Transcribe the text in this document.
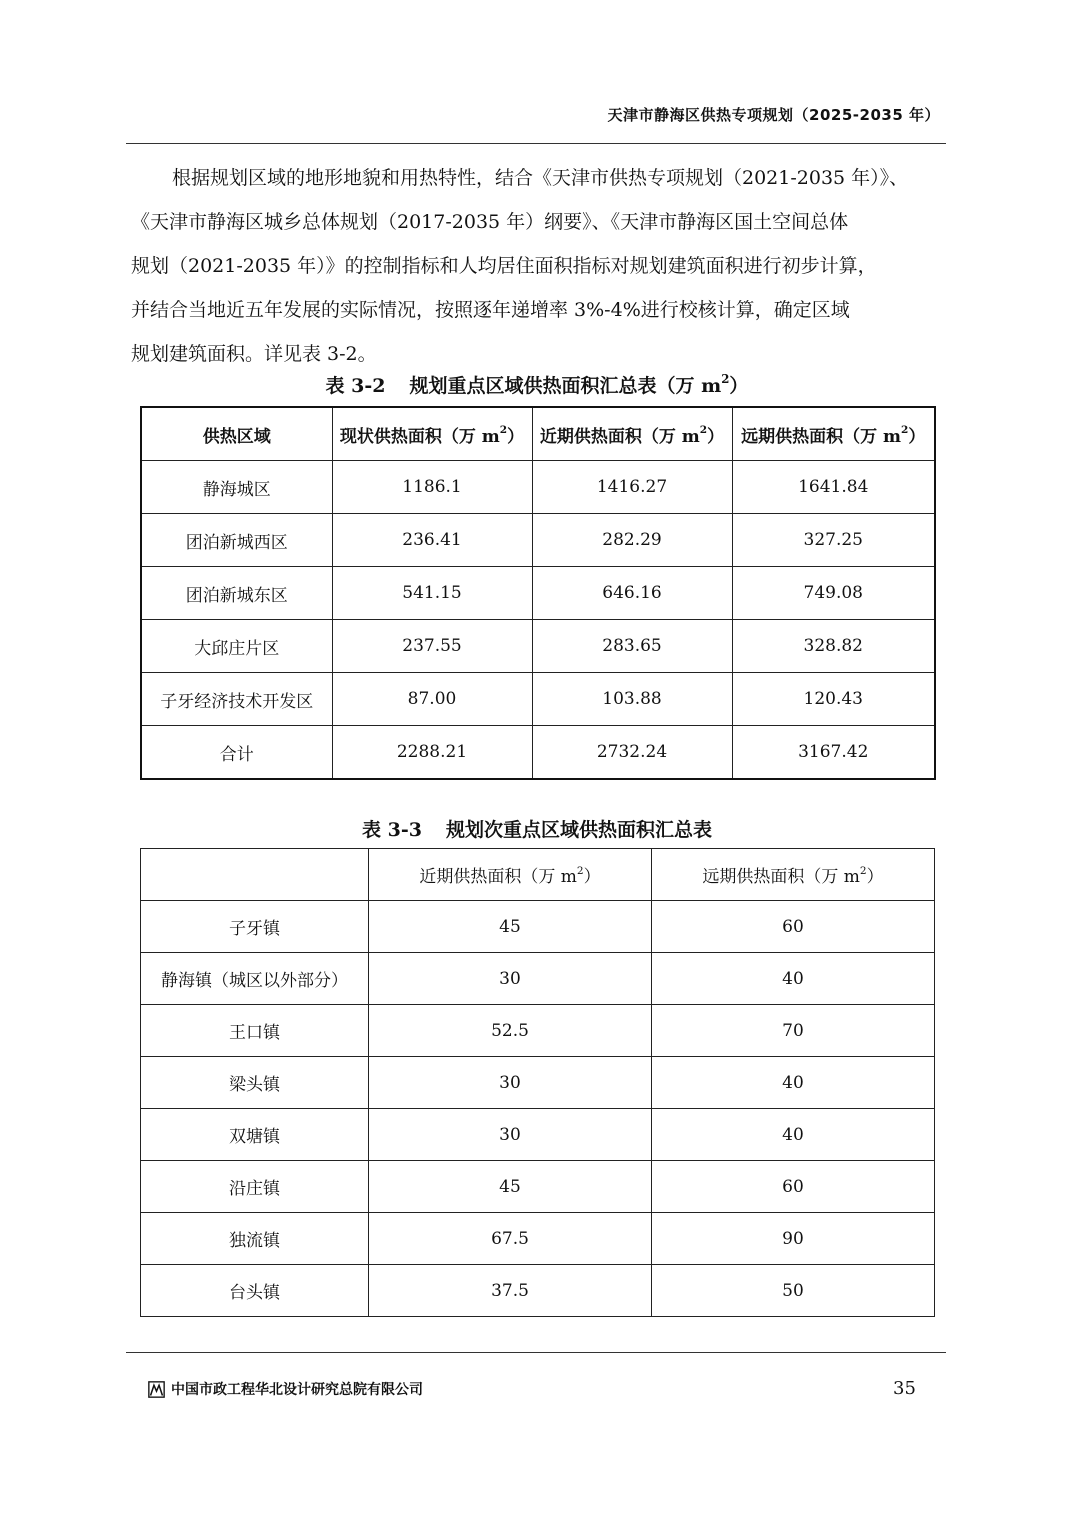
天津市静海区供热专项规划（2025-2035 年）

根据规划区域的地形地貌和用热特性，结合《天津市供热专项规划（2021-2035 年）》、

《天津市静海区城乡总体规划（2017-2035 年）纲要》、《天津市静海区国土空间总体

规划（2021-2035 年）》的控制指标和人均居住面积指标对规划建筑面积进行初步计算，

并结合当地近五年发展的实际情况，按照逐年递增率 3%-4%进行校核计算，确定区域

规划建筑面积。详见表 3-2。

表 3-2 规划重点区域供热面积汇总表（万 $m^2$）
供热区域	现状供热面积（万 $m^2$）	近期供热面积（万 $m^2$）	远期供热面积（万 $m^2$）
静海城区	1186.1	1416.27	1641.84
团泊新城西区	236.41	282.29	327.25
团泊新城东区	541.15	646.16	749.08
大邱庄片区	237.55	283.65	328.82
子牙经济技术开发区	87.00	103.88	120.43
合计	2288.21	2732.24	3167.42
表 3-3 规划次重点区域供热面积汇总表
	近期供热面积（万 $m^2$）	远期供热面积（万 $m^2$）
子牙镇	45	60
静海镇（城区以外部分）	30	40
王口镇	52.5	70
梁头镇	30	40
双塘镇	30	40
沿庄镇	45	60
独流镇	67.5	90
台头镇	37.5	50
中国市政工程华北设计研究总院有限公司	35
